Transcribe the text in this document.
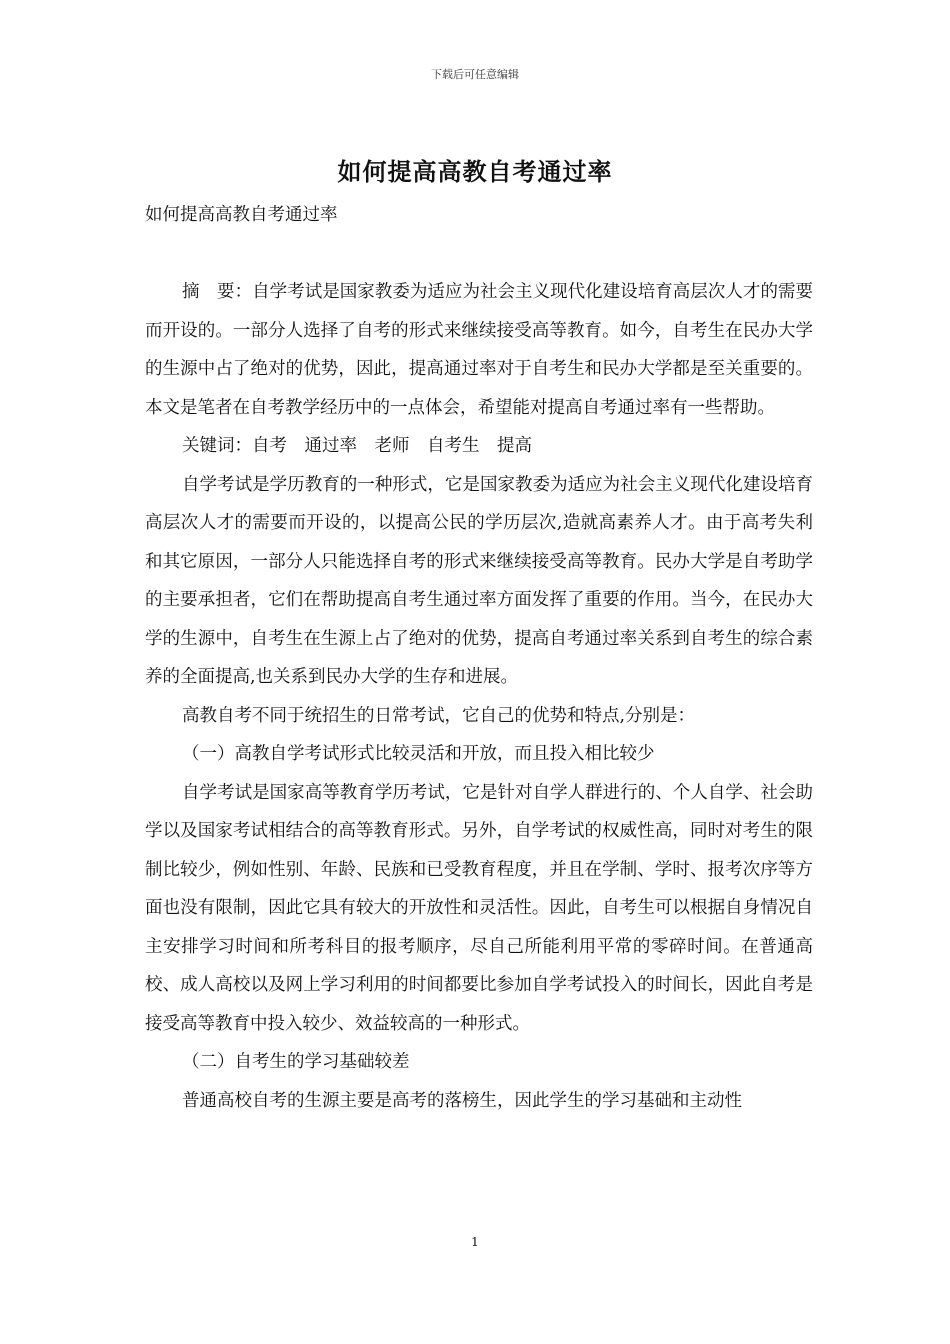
下载后可任意编辑
如何提高高教自考通过率

如何提高高教自考通过率

摘　要：自学考试是国家教委为适应为社会主义现代化建设培育高层次人才的需要而开设的。一部分人选择了自考的形式来继续接受高等教育。如今，自考生在民办大学的生源中占了绝对的优势，因此，提高通过率对于自考生和民办大学都是至关重要的。本文是笔者在自考教学经历中的一点体会，希望能对提高自考通过率有一些帮助。

关键词：自考　通过率　老师　自考生　提高

自学考试是学历教育的一种形式，它是国家教委为适应为社会主义现代化建设培育高层次人才的需要而开设的，以提高公民的学历层次,造就高素养人才。由于高考失利和其它原因，一部分人只能选择自考的形式来继续接受高等教育。民办大学是自考助学的主要承担者，它们在帮助提高自考生通过率方面发挥了重要的作用。当今，在民办大学的生源中，自考生在生源上占了绝对的优势，提高自考通过率关系到自考生的综合素养的全面提高,也关系到民办大学的生存和进展。

高教自考不同于统招生的日常考试，它自己的优势和特点,分别是：

（一）高教自学考试形式比较灵活和开放，而且投入相比较少

自学考试是国家高等教育学历考试，它是针对自学人群进行的、个人自学、社会助学以及国家考试相结合的高等教育形式。另外，自学考试的权威性高，同时对考生的限制比较少，例如性别、年龄、民族和已受教育程度，并且在学制、学时、报考次序等方面也没有限制，因此它具有较大的开放性和灵活性。因此，自考生可以根据自身情况自主安排学习时间和所考科目的报考顺序，尽自己所能利用平常的零碎时间。在普通高校、成人高校以及网上学习利用的时间都要比参加自学考试投入的时间长，因此自考是接受高等教育中投入较少、效益较高的一种形式。

（二）自考生的学习基础较差

普通高校自考的生源主要是高考的落榜生，因此学生的学习基础和主动性

1
